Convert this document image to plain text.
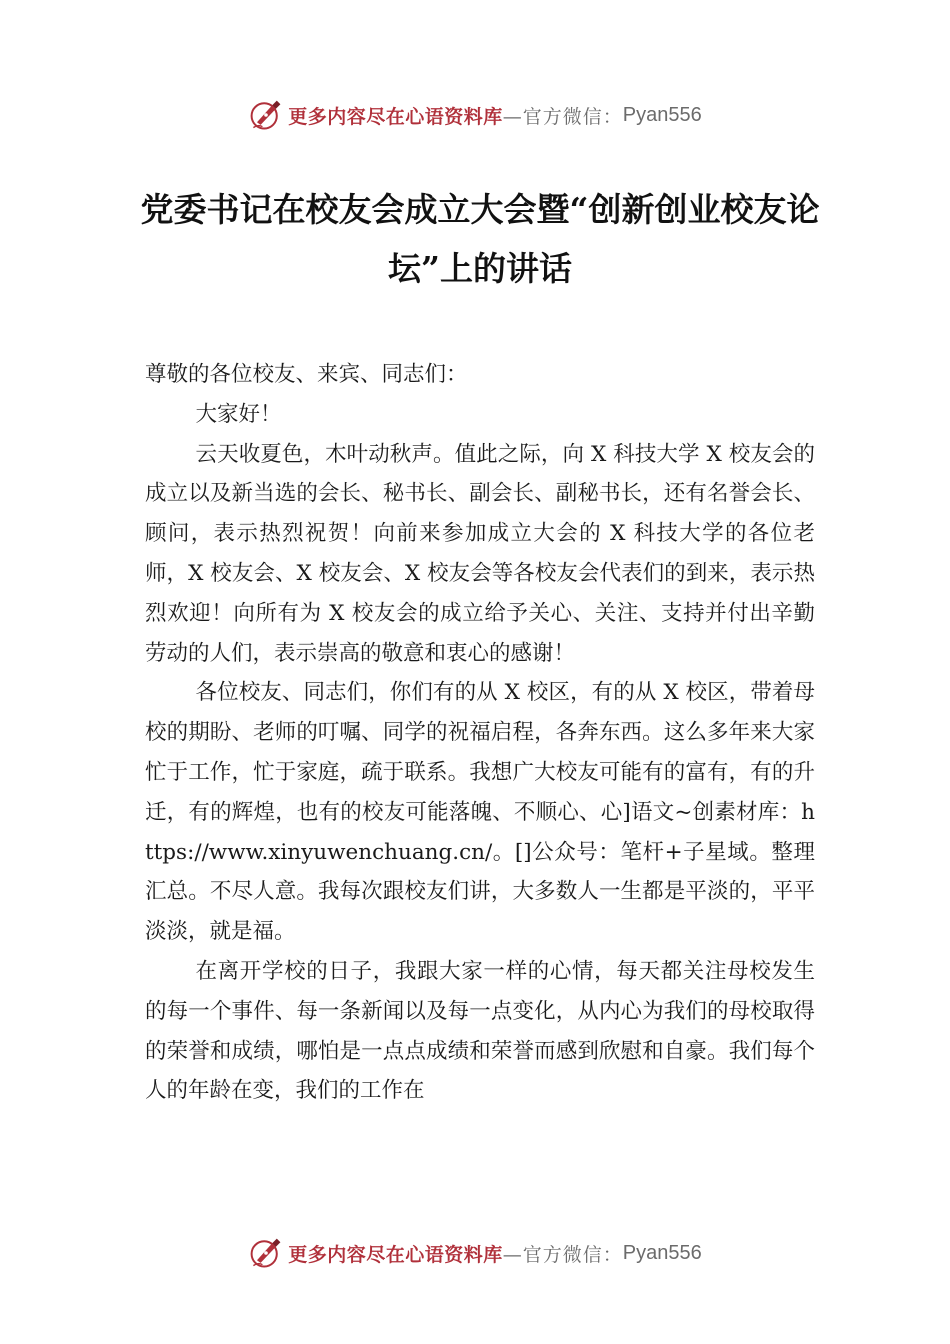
更多内容尽在心语资料库 —官方微信： Pyan556
党委书记在校友会成立大会暨“创新创业校友论坛”上的讲话

尊敬的各位校友、来宾、同志们：

大家好！

云天收夏色，木叶动秋声。值此之际，向 X 科技大学 X 校友会的成立以及新当选的会长、秘书长、副会长、副秘书长，还有名誉会长、顾问，表示热烈祝贺！向前来参加成立大会的 X 科技大学的各位老师，X 校友会、X 校友会、X 校友会等各校友会代表们的到来，表示热烈欢迎！向所有为 X 校友会的成立给予关心、关注、支持并付出辛勤劳动的人们，表示崇高的敬意和衷心的感谢！

各位校友、同志们，你们有的从 X 校区，有的从 X 校区，带着母校的期盼、老师的叮嘱、同学的祝福启程，各奔东西。这么多年来大家忙于工作，忙于家庭，疏于联系。我想广大校友可能有的富有，有的升迁，有的辉煌，也有的校友可能落魄、不顺心、心]语文~创素材库：https://www.xinyuwenchuang.cn/。[]公众号：笔杆+子星域。整理汇总。不尽人意。我每次跟校友们讲，大多数人一生都是平淡的，平平淡淡，就是福。

在离开学校的日子，我跟大家一样的心情，每天都关注母校发生的每一个事件、每一条新闻以及每一点变化，从内心为我们的母校取得的荣誉和成绩，哪怕是一点点成绩和荣誉而感到欣慰和自豪。我们每个人的年龄在变，我们的工作在

更多内容尽在心语资料库 —官方微信： Pyan556
